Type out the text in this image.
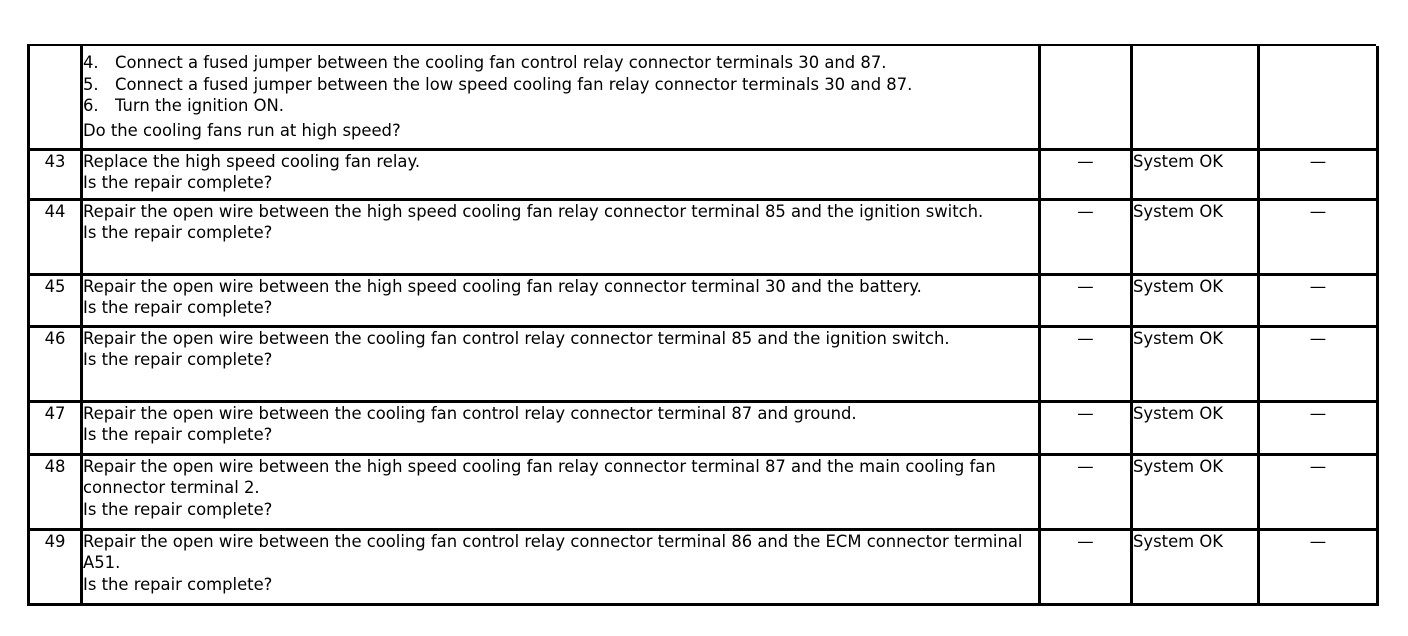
	4. Connect a fused jumper between the cooling fan control relay connector terminals 30 and 87.
5. Connect a fused jumper between the low speed cooling fan relay connector terminals 30 and 87.
6. Turn the ignition ON.
Do the cooling fans run at high speed?			

43	Replace the high speed cooling fan relay.
Is the repair complete?	—	System OK	—
44	Repair the open wire between the high speed cooling fan relay connector terminal 85 and the ignition switch.
Is the repair complete?	—	System OK	—
45	Repair the open wire between the high speed cooling fan relay connector terminal 30 and the battery.
Is the repair complete?	—	System OK	—
46	Repair the open wire between the cooling fan control relay connector terminal 85 and the ignition switch.
Is the repair complete?	—	System OK	—
47	Repair the open wire between the cooling fan control relay connector terminal 87 and ground.
Is the repair complete?	—	System OK	—
48	Repair the open wire between the high speed cooling fan relay connector terminal 87 and the main cooling fan connector terminal 2.
Is the repair complete?	—	System OK	—
49	Repair the open wire between the cooling fan control relay connector terminal 86 and the ECM connector terminal A51.
Is the repair complete?	—	System OK	—
